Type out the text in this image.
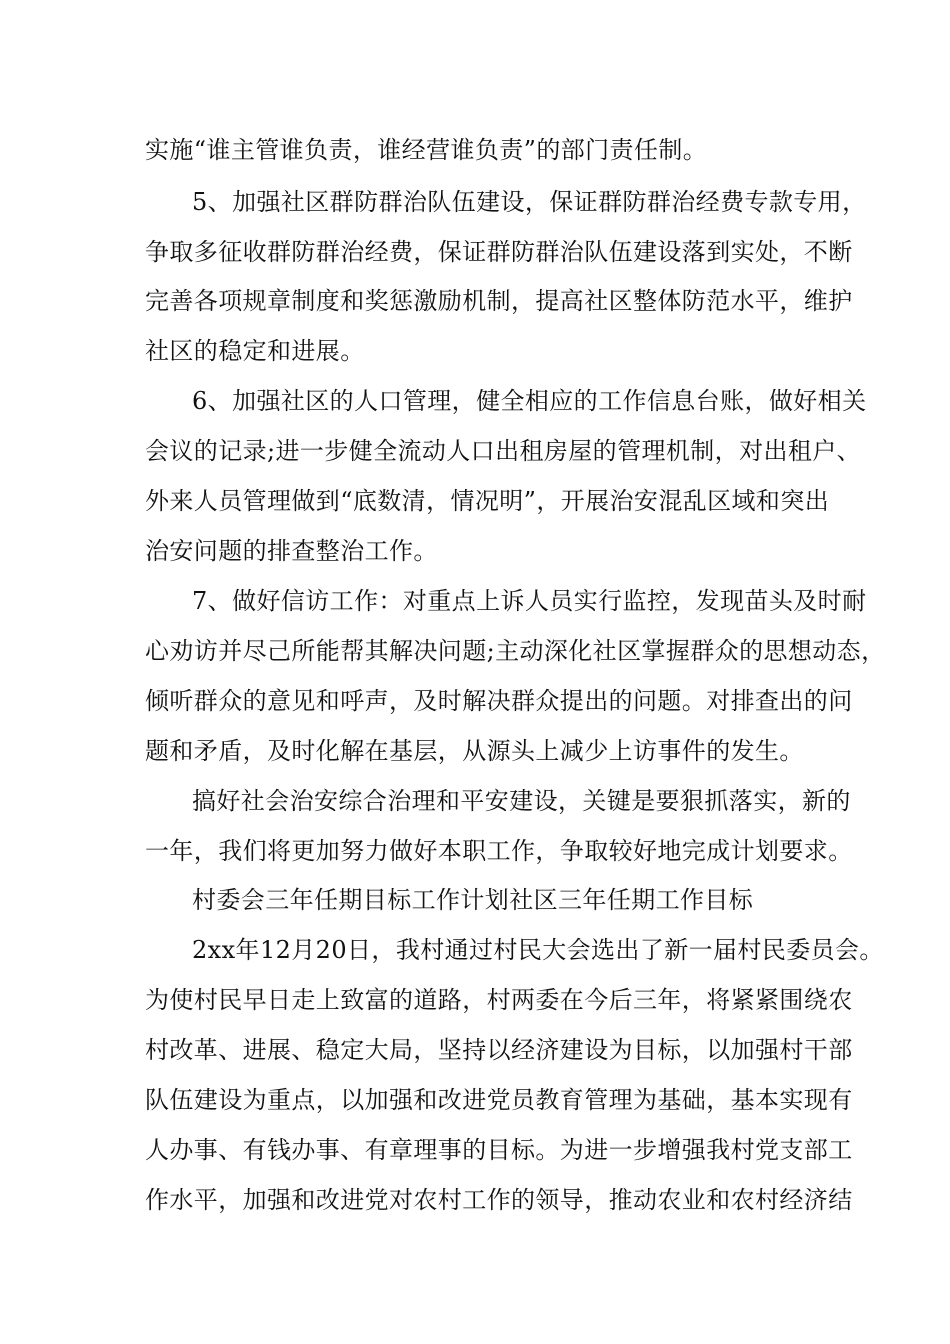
实施“谁主管谁负责，谁经营谁负责”的部门责任制。
5、加强社区群防群治队伍建设，保证群防群治经费专款专用，
争取多征收群防群治经费，保证群防群治队伍建设落到实处，不断
完善各项规章制度和奖惩激励机制，提高社区整体防范水平，维护
社区的稳定和进展。
6、加强社区的人口管理，健全相应的工作信息台账，做好相关
会议的记录;进一步健全流动人口出租房屋的管理机制，对出租户、
外来人员管理做到“底数清，情况明”，开展治安混乱区域和突出
治安问题的排查整治工作。
7、做好信访工作：对重点上诉人员实行监控，发现苗头及时耐
心劝访并尽己所能帮其解决问题;主动深化社区掌握群众的思想动态，
倾听群众的意见和呼声，及时解决群众提出的问题。对排查出的问
题和矛盾，及时化解在基层，从源头上减少上访事件的发生。
搞好社会治安综合治理和平安建设，关键是要狠抓落实，新的
一年，我们将更加努力做好本职工作，争取较好地完成计划要求。
村委会三年任期目标工作计划社区三年任期工作目标
2xx年12月20日，我村通过村民大会选出了新一届村民委员会。
为使村民早日走上致富的道路，村两委在今后三年，将紧紧围绕农
村改革、进展、稳定大局，坚持以经济建设为目标，以加强村干部
队伍建设为重点，以加强和改进党员教育管理为基础，基本实现有
人办事、有钱办事、有章理事的目标。为进一步增强我村党支部工
作水平，加强和改进党对农村工作的领导，推动农业和农村经济结
